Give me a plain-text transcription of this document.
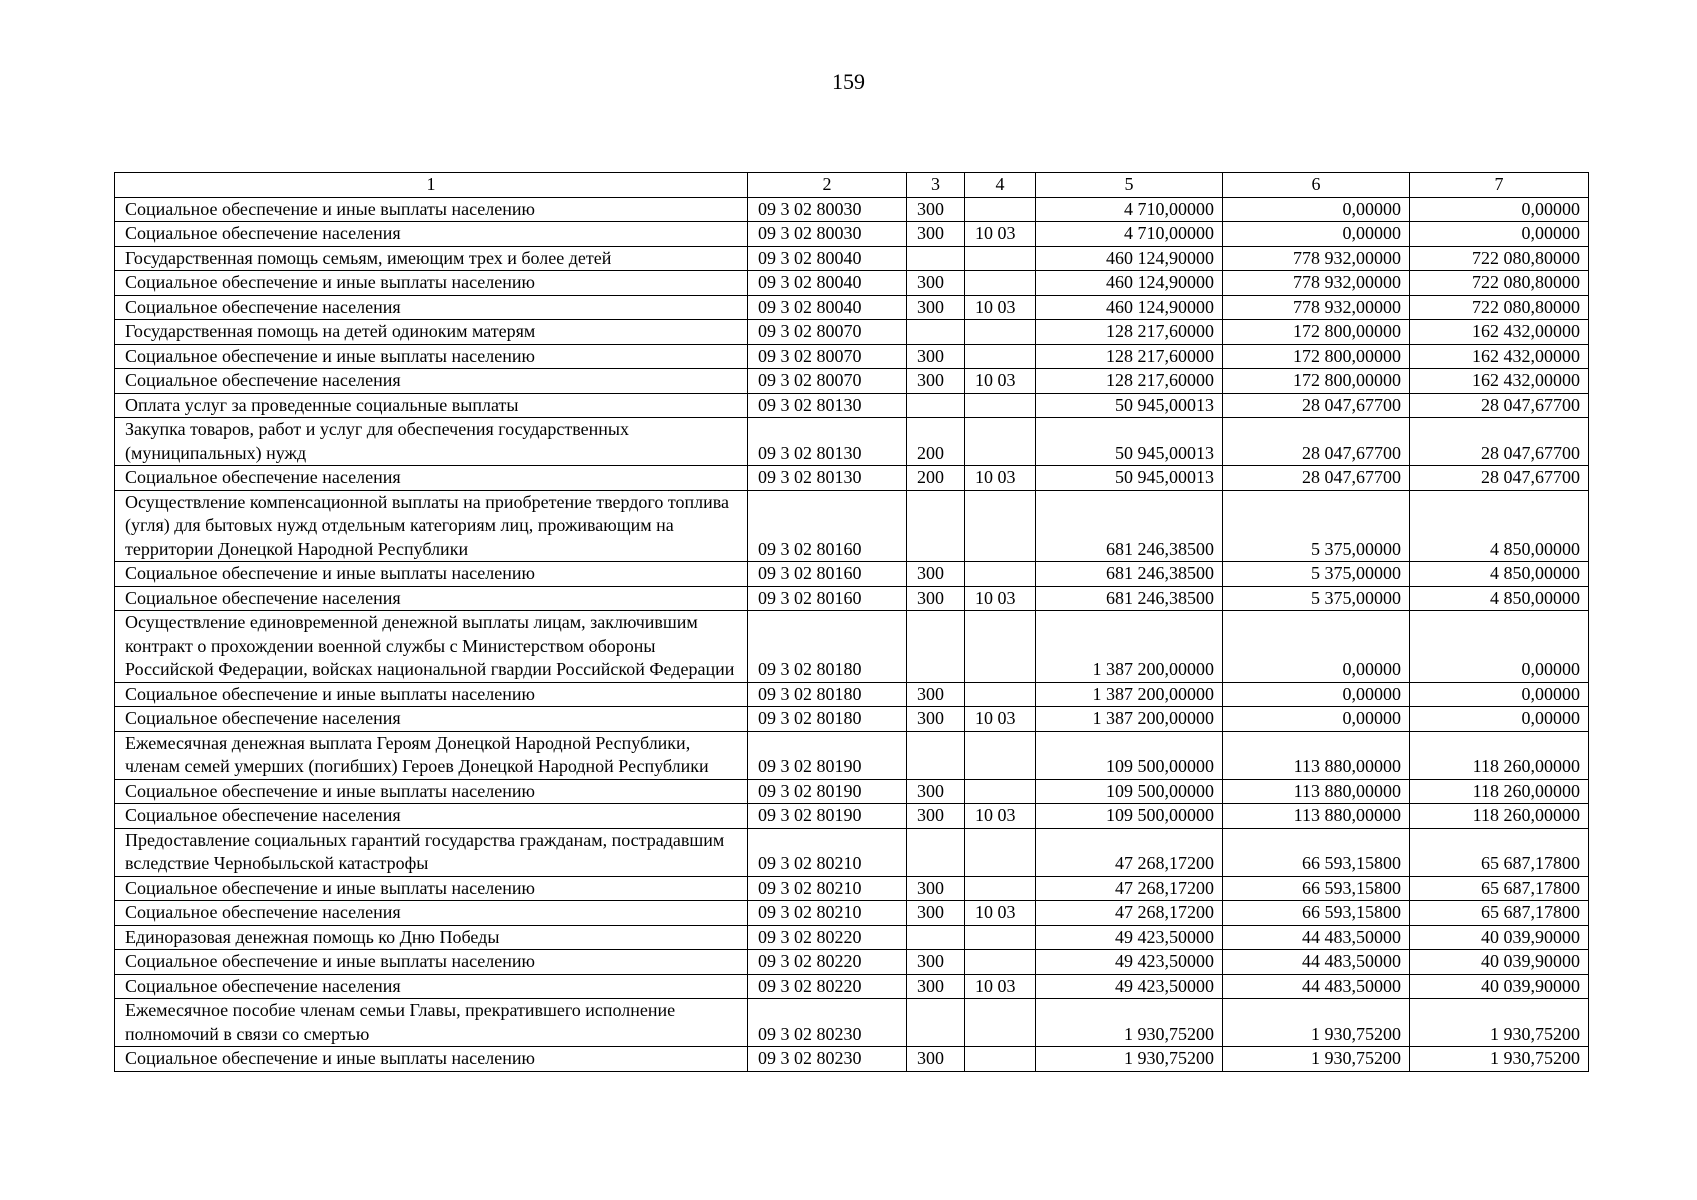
159
1	2	3	4	5	6	7
Социальное обеспечение и иные выплаты населению	09 3 02 80030	300		4 710,00000	0,00000	0,00000
Социальное обеспечение населения	09 3 02 80030	300	10 03	4 710,00000	0,00000	0,00000
Государственная помощь семьям, имеющим трех и более детей	09 3 02 80040			460 124,90000	778 932,00000	722 080,80000
Социальное обеспечение и иные выплаты населению	09 3 02 80040	300		460 124,90000	778 932,00000	722 080,80000
Социальное обеспечение населения	09 3 02 80040	300	10 03	460 124,90000	778 932,00000	722 080,80000
Государственная помощь на детей одиноким матерям	09 3 02 80070			128 217,60000	172 800,00000	162 432,00000
Социальное обеспечение и иные выплаты населению	09 3 02 80070	300		128 217,60000	172 800,00000	162 432,00000
Социальное обеспечение населения	09 3 02 80070	300	10 03	128 217,60000	172 800,00000	162 432,00000
Оплата услуг за проведенные социальные выплаты	09 3 02 80130			50 945,00013	28 047,67700	28 047,67700
Закупка товаров, работ и услуг для обеспечения государственных (муниципальных) нужд	09 3 02 80130	200		50 945,00013	28 047,67700	28 047,67700
Социальное обеспечение населения	09 3 02 80130	200	10 03	50 945,00013	28 047,67700	28 047,67700
Осуществление компенсационной выплаты на приобретение твердого топлива (угля) для бытовых нужд отдельным категориям лиц, проживающим на территории Донецкой Народной Республики	09 3 02 80160			681 246,38500	5 375,00000	4 850,00000
Социальное обеспечение и иные выплаты населению	09 3 02 80160	300		681 246,38500	5 375,00000	4 850,00000
Социальное обеспечение населения	09 3 02 80160	300	10 03	681 246,38500	5 375,00000	4 850,00000
Осуществление единовременной денежной выплаты лицам, заключившим контракт о прохождении военной службы с Министерством обороны Российской Федерации, войсках национальной гвардии Российской Федерации	09 3 02 80180			1 387 200,00000	0,00000	0,00000
Социальное обеспечение и иные выплаты населению	09 3 02 80180	300		1 387 200,00000	0,00000	0,00000
Социальное обеспечение населения	09 3 02 80180	300	10 03	1 387 200,00000	0,00000	0,00000
Ежемесячная денежная выплата Героям Донецкой Народной Республики, членам семей умерших (погибших) Героев Донецкой Народной Республики	09 3 02 80190			109 500,00000	113 880,00000	118 260,00000
Социальное обеспечение и иные выплаты населению	09 3 02 80190	300		109 500,00000	113 880,00000	118 260,00000
Социальное обеспечение населения	09 3 02 80190	300	10 03	109 500,00000	113 880,00000	118 260,00000
Предоставление социальных гарантий государства гражданам, пострадавшим вследствие Чернобыльской катастрофы	09 3 02 80210			47 268,17200	66 593,15800	65 687,17800
Социальное обеспечение и иные выплаты населению	09 3 02 80210	300		47 268,17200	66 593,15800	65 687,17800
Социальное обеспечение населения	09 3 02 80210	300	10 03	47 268,17200	66 593,15800	65 687,17800
Единоразовая денежная помощь ко Дню Победы	09 3 02 80220			49 423,50000	44 483,50000	40 039,90000
Социальное обеспечение и иные выплаты населению	09 3 02 80220	300		49 423,50000	44 483,50000	40 039,90000
Социальное обеспечение населения	09 3 02 80220	300	10 03	49 423,50000	44 483,50000	40 039,90000
Ежемесячное пособие членам семьи Главы, прекратившего исполнение полномочий в связи со смертью	09 3 02 80230			1 930,75200	1 930,75200	1 930,75200
Социальное обеспечение и иные выплаты населению	09 3 02 80230	300		1 930,75200	1 930,75200	1 930,75200
